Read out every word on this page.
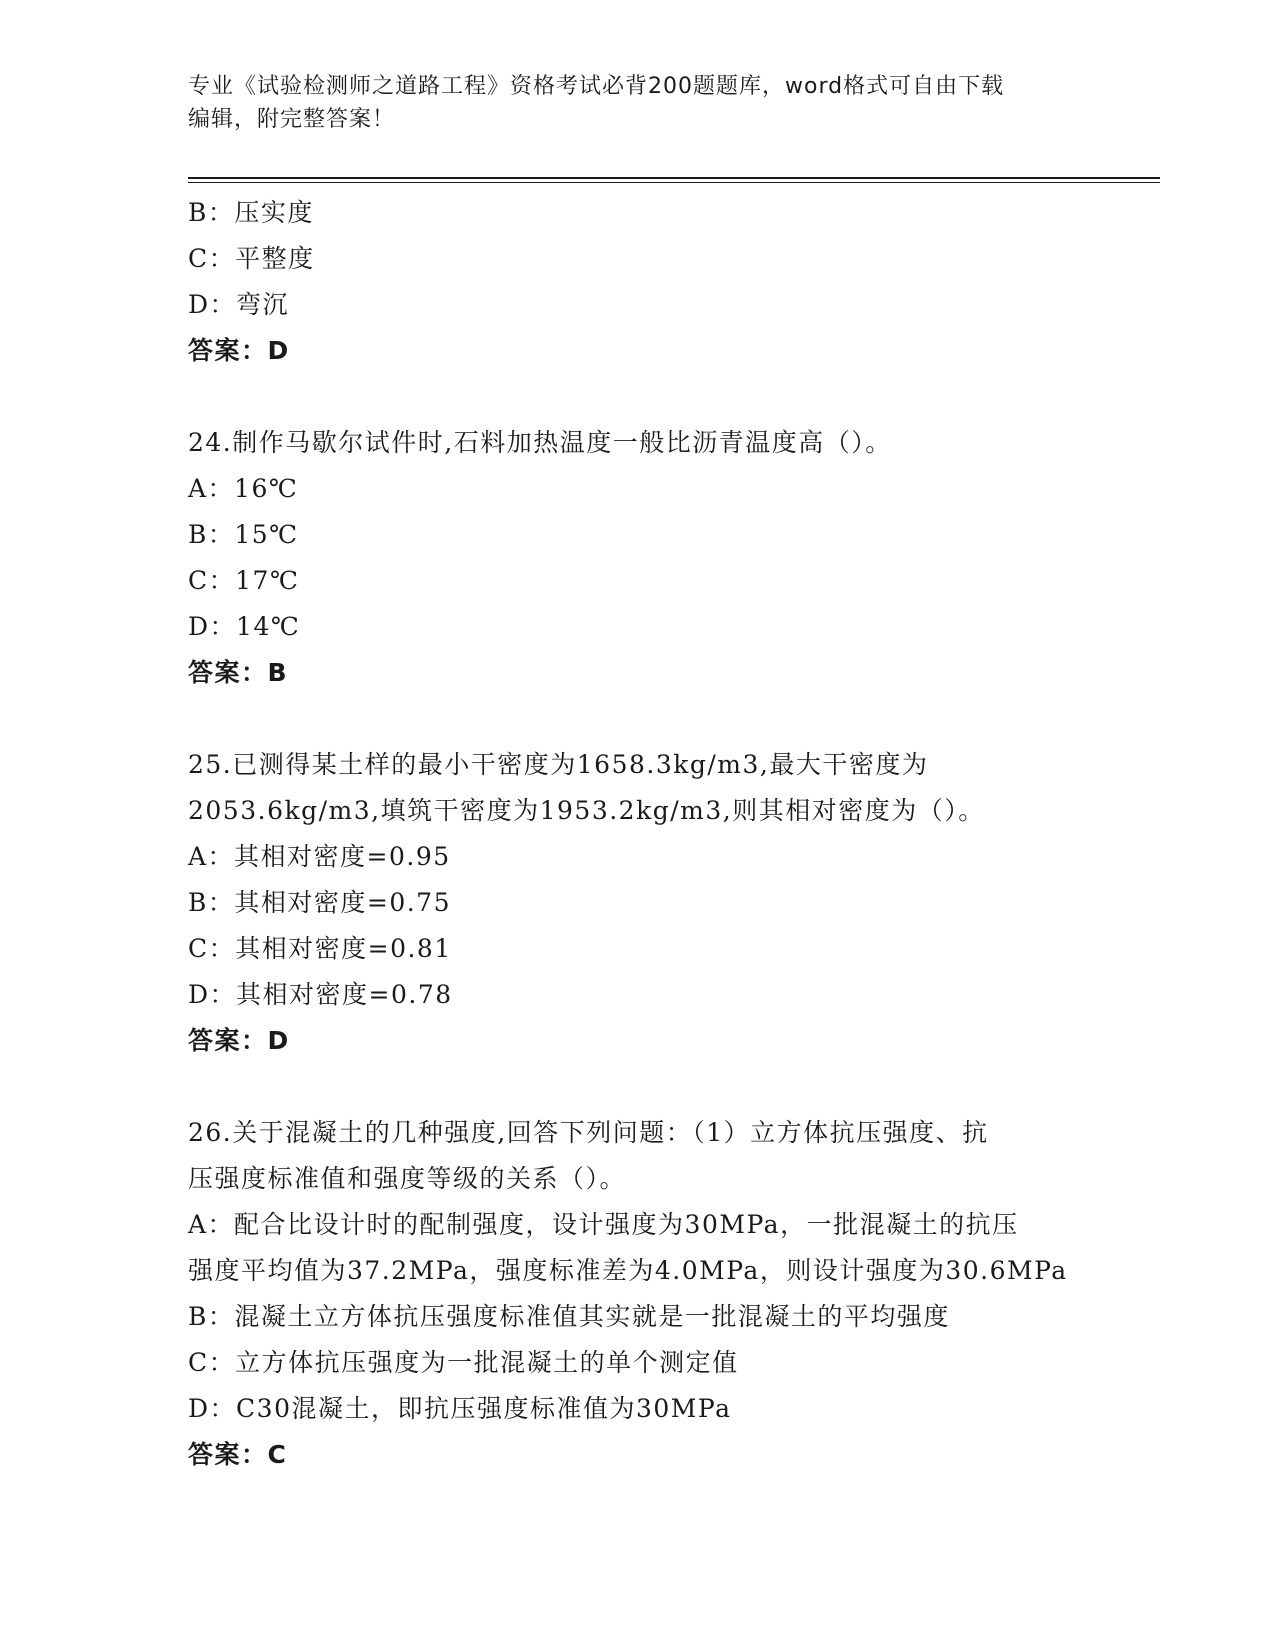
专业《试验检测师之道路工程》资格考试必背200题题库，word格式可自由下载
编辑，附完整答案！
B：压实度
C：平整度
D：弯沉
答案：D
24.制作马歇尔试件时,石料加热温度一般比沥青温度高（）。
A：16℃
B：15℃
C：17℃
D：14℃
答案：B
25.已测得某土样的最小干密度为1658.3kg/m3,最大干密度为
2053.6kg/m3,填筑干密度为1953.2kg/m3,则其相对密度为（）。
A：其相对密度=0.95
B：其相对密度=0.75
C：其相对密度=0.81
D：其相对密度=0.78
答案：D
26.关于混凝土的几种强度,回答下列问题：（1）立方体抗压强度、抗
压强度标准值和强度等级的关系（）。
A：配合比设计时的配制强度，设计强度为30MPa，一批混凝土的抗压
强度平均值为37.2MPa，强度标准差为4.0MPa，则设计强度为30.6MPa
B：混凝土立方体抗压强度标准值其实就是一批混凝土的平均强度
C：立方体抗压强度为一批混凝土的单个测定值
D：C30混凝土，即抗压强度标准值为30MPa
答案：C
